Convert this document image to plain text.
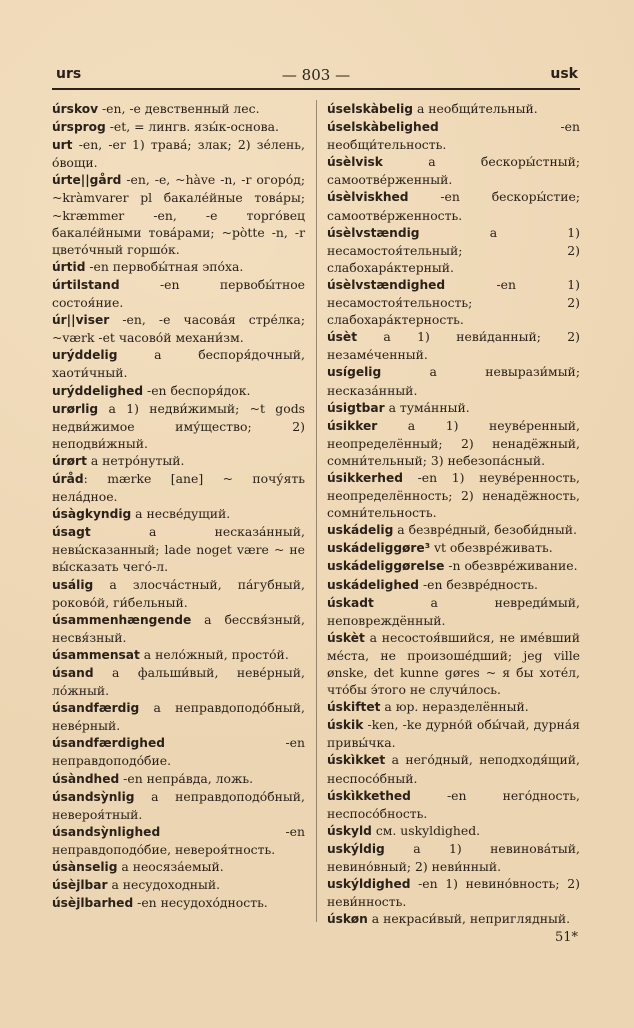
urs	— 803 —	usk
úrskov -en, -e девственный лес.
úrsprog -et, = лингв. язы́к-основа.
urt -en, -er 1) трава́; злак; 2) зе́лень, о́вощи.
úrte||gård -en, -e, ~hàve -n, -r огоро́д; ~kràmvarer pl бакале́йные това́ры; ~kræmmer -en, -e торго́вец бакале́йными това́рами; ~pòtte -n, -r цвето́чный горшо́к.
úrtid -en первобы́тная эпо́ха.
úrtilstand -en первобы́тное состоя́ние.
úr||viser -en, -e часова́я стре́лка; ~værk -et часово́й механи́зм.
urýddelig a беспоря́дочный, хаоти́чный.
urýddelighed -en беспоря́док.
urørlig a 1) недви́жимый; ~t gods недви́жимое иму́щество; 2) неподви́жный.
úrørt a нетро́нутый.
úråd: mærke [ane] ~ почу́ять нела́дное.
úsàgkyndig a несве́дущий.
úsagt a несказа́нный, невы́сказанный; lade noget være ~ не вы́сказать чего́-л.
usálig a злосча́стный, па́губный, рoково́й, ги́бельный.
úsammenhængende a бессвя́зный, несвя́зный.
úsammensat a нело́жный, просто́й.
úsand a фальши́вый, неве́рный, ло́жный.
úsandfærdig a неправдоподо́бный, неве́рный.
úsandfærdighed -en неправдоподо́бие.
úsàndhed -en непра́вда, ложь.
úsandsỳnlig a неправдоподо́бный, невероя́тный.
úsandsỳnlighed -en неправдоподо́бие, невероя́тность.
úsànselig a неосяза́емый.
úsèjlbar a несудоходный.
úsèjlbarhed -en несудохо́дность.
úselskàbelig a необщи́тельный.
úselskàbelighed -en необщи́тельность.
úsèlvisk a бескоры́стный; самоотве́рженный.
úsèlviskhed -en бескоры́стие; самоотве́рженность.
úsèlvstændig a 1) несамостоя́тельный; 2) слабохара́ктерный.
úsèlvstændighed -en 1) несамостоя́тельность; 2) слабохара́ктерность.
úsèt a 1) неви́данный; 2) незаме́ченный.
usígelig a невырази́мый; несказа́нный.
úsigtbar a тума́нный.
úsikker a 1) неуве́ренный, неопределённый; 2) ненадёжный, сомни́тельный; 3) небезопа́сный.
úsikkerhed -en 1) неуве́ренность, неопределённость; 2) ненадёжность, сомни́тельность.
uskádelig a безвре́дный, безоби́дный.
uskádeliggøre³ vt обезвре́живать.
uskádeliggørelse -n обезвре́живание.
uskádelighed -en безвре́дность.
úskadt a невреди́мый, неповреждённый.
úskèt a несостоя́вшийся, не име́вший ме́ста, не произоше́дший; jeg ville ønske, det kunne gøres ~ я бы хоте́л, что́бы э́того не случи́лось.
úskiftet a юр. неразделённый.
úskik -ken, -ke дурно́й обы́чай, дурна́я привы́чка.
úskìkket a него́дный, неподходя́щий, неспосо́бный.
úskìkkethed -en него́дность, неспосо́бность.
úskyld см. uskyldighed.
uskýldig a 1) невинова́тый, невино́вный; 2) неви́нный.
uskýldighed -en 1) невино́вность; 2) неви́нность.
úskøn a некраси́вый, неприглядный.
51*
